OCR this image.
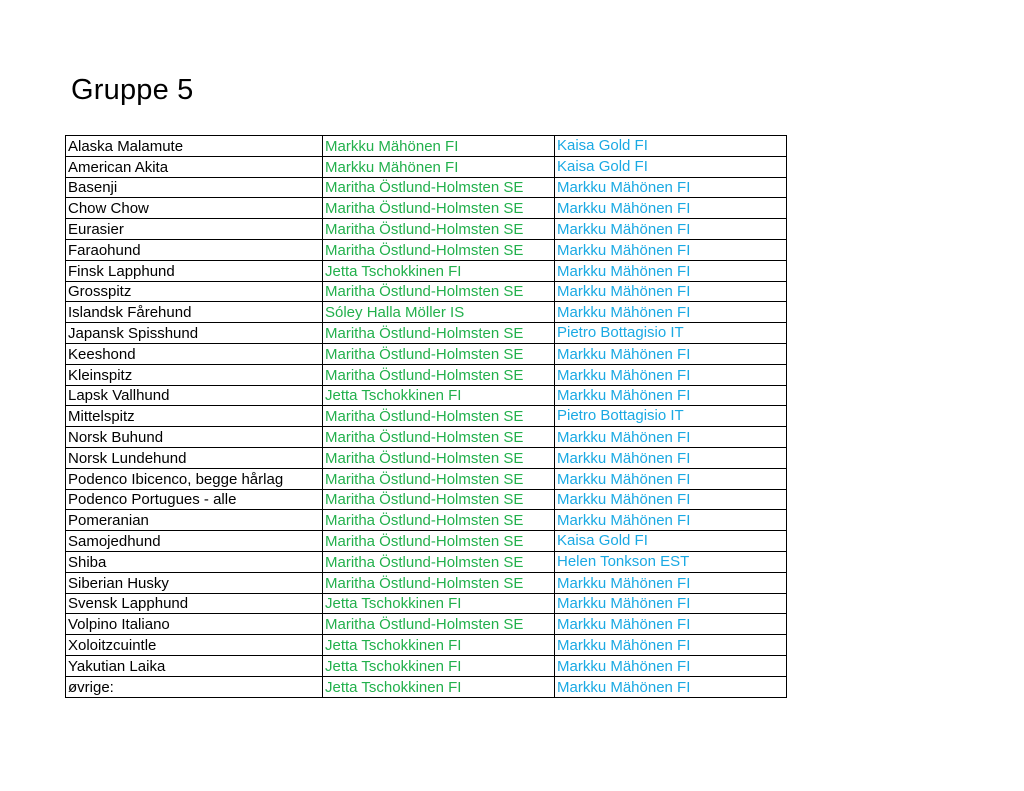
Gruppe 5
Alaska Malamute	Markku Mähönen FI	Kaisa Gold FI
American Akita	Markku Mähönen FI	Kaisa Gold FI
Basenji	Maritha Östlund-Holmsten SE	Markku Mähönen FI
Chow Chow	Maritha Östlund-Holmsten SE	Markku Mähönen FI
Eurasier	Maritha Östlund-Holmsten SE	Markku Mähönen FI
Faraohund	Maritha Östlund-Holmsten SE	Markku Mähönen FI
Finsk Lapphund	Jetta Tschokkinen FI	Markku Mähönen FI
Grosspitz	Maritha Östlund-Holmsten SE	Markku Mähönen FI
Islandsk Fårehund	Sóley Halla Möller IS	Markku Mähönen FI
Japansk Spisshund	Maritha Östlund-Holmsten SE	Pietro Bottagisio IT
Keeshond	Maritha Östlund-Holmsten SE	Markku Mähönen FI
Kleinspitz	Maritha Östlund-Holmsten SE	Markku Mähönen FI
Lapsk Vallhund	Jetta Tschokkinen FI	Markku Mähönen FI
Mittelspitz	Maritha Östlund-Holmsten SE	Pietro Bottagisio IT
Norsk Buhund	Maritha Östlund-Holmsten SE	Markku Mähönen FI
Norsk Lundehund	Maritha Östlund-Holmsten SE	Markku Mähönen FI
Podenco Ibicenco, begge hårlag	Maritha Östlund-Holmsten SE	Markku Mähönen FI
Podenco Portugues - alle	Maritha Östlund-Holmsten SE	Markku Mähönen FI
Pomeranian	Maritha Östlund-Holmsten SE	Markku Mähönen FI
Samojedhund	Maritha Östlund-Holmsten SE	Kaisa Gold FI
Shiba	Maritha Östlund-Holmsten SE	Helen Tonkson EST
Siberian Husky	Maritha Östlund-Holmsten SE	Markku Mähönen FI
Svensk Lapphund	Jetta Tschokkinen FI	Markku Mähönen FI
Volpino Italiano	Maritha Östlund-Holmsten SE	Markku Mähönen FI
Xoloitzcuintle	Jetta Tschokkinen FI	Markku Mähönen FI
Yakutian Laika	Jetta Tschokkinen FI	Markku Mähönen FI
øvrige:	Jetta Tschokkinen FI	Markku Mähönen FI
